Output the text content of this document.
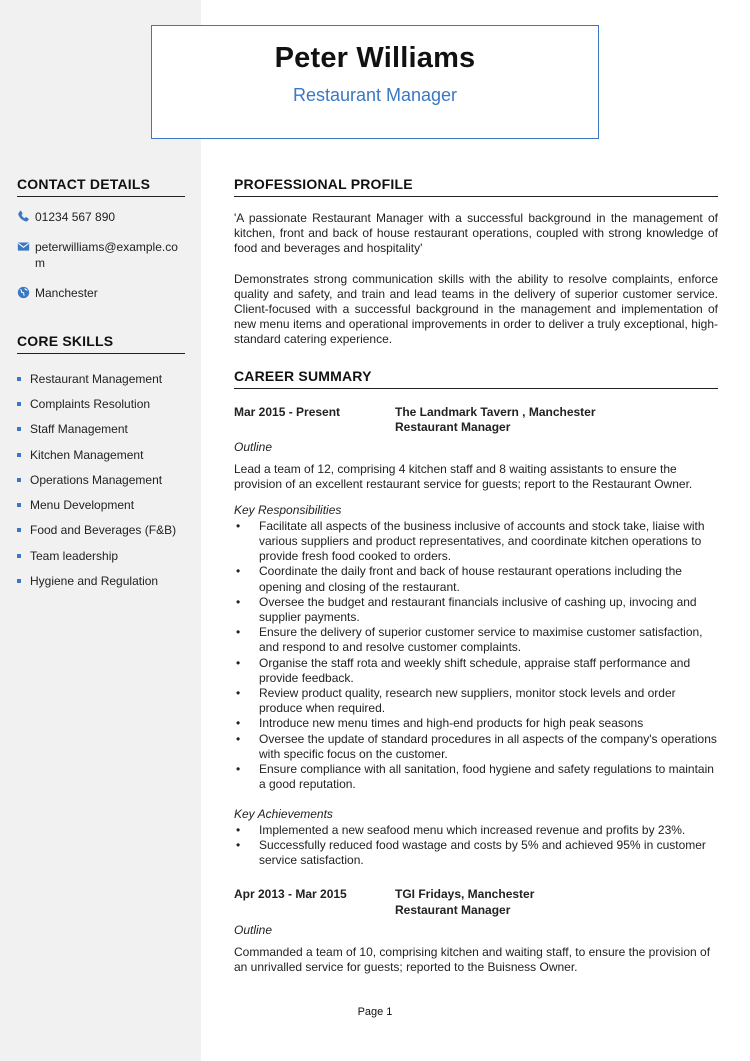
Peter Williams
Restaurant Manager
CONTACT DETAILS
01234 567 890
peterwilliams@example.com
Manchester
CORE SKILLS
Restaurant Management
Complaints Resolution
Staff Management
Kitchen Management
Operations Management
Menu Development
Food and Beverages (F&B)
Team leadership
Hygiene and Regulation
PROFESSIONAL PROFILE

'A passionate Restaurant Manager with a successful background in the management of kitchen, front and back of house restaurant operations, coupled with strong knowledge of food and beverages and hospitality'

Demonstrates strong communication skills with the ability to resolve complaints, enforce quality and safety, and train and lead teams in the delivery of superior customer service. Client-focused with a successful background in the management and implementation of new menu items and operational improvements in order to deliver a truly exceptional, high-standard catering experience.

CAREER SUMMARY
Mar 2015 - Present	The Landmark Tavern , Manchester
Restaurant Manager
Outline

Lead a team of 12, comprising 4 kitchen staff and 8 waiting assistants to ensure the provision of an excellent restaurant service for guests; report to the Restaurant Owner.

Key Responsibilities
•	Facilitate all aspects of the business inclusive of accounts and stock take, liaise with various suppliers and product representatives, and coordinate kitchen operations to provide fresh food cooked to orders.
•	Coordinate the daily front and back of house restaurant operations including the opening and closing of the restaurant.
•	Oversee the budget and restaurant financials inclusive of cashing up, invocing and supplier payments.
•	Ensure the delivery of superior customer service to maximise customer satisfaction, and respond to and resolve customer complaints.
•	Organise the staff rota and weekly shift schedule, appraise staff performance and provide feedback.
•	Review product quality, research new suppliers, monitor stock levels and order produce when required.
•	Introduce new menu times and high-end products for high peak seasons
•	Oversee the update of standard procedures in all aspects of the company's operations with specific focus on the customer.
•	Ensure compliance with all sanitation, food hygiene and safety regulations to maintain a good reputation.
Key Achievements
•	Implemented a new seafood menu which increased revenue and profits by 23%.
•	Successfully reduced food wastage and costs by 5% and achieved 95% in customer service satisfaction.
Apr 2013 - Mar 2015	TGI Fridays, Manchester
Restaurant Manager
Outline

Commanded a team of 10, comprising kitchen and waiting staff, to ensure the provision of an unrivalled service for guests; reported to the Buisness Owner.

Page 1
